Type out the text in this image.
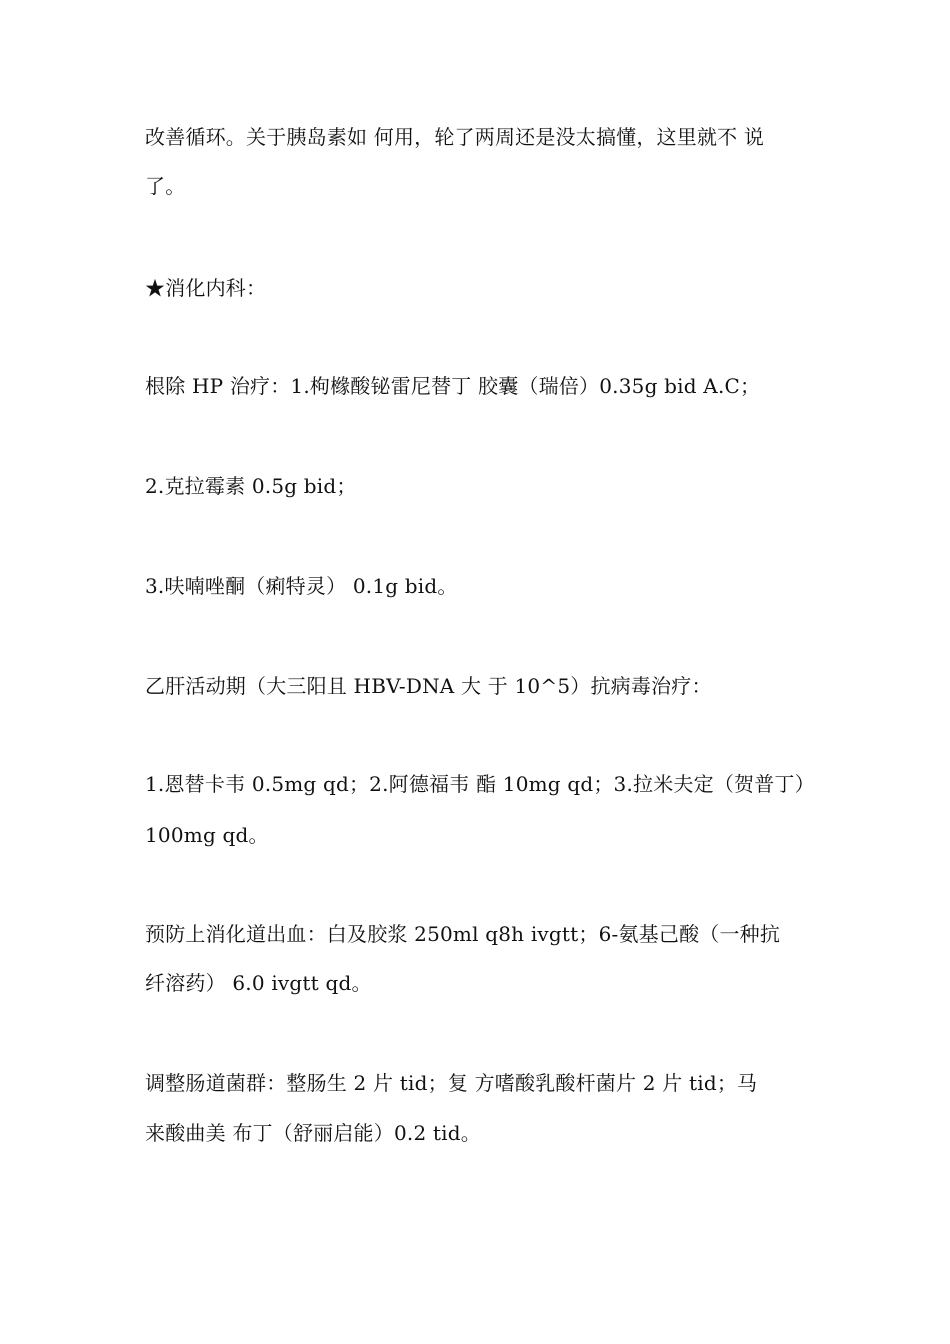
改善循环。关于胰岛素如 何用，轮了两周还是没太搞懂，这里就不 说
了。
★消化内科：
根除 HP 治疗：1.枸橼酸铋雷尼替丁 胶囊（瑞倍）0.35g bid A.C；
2.克拉霉素 0.5g bid；
3.呋喃唑酮（痢特灵） 0.1g bid。
乙肝活动期（大三阳且 HBV-DNA 大 于 10^5）抗病毒治疗：
1.恩替卡韦 0.5mg qd；2.阿德福韦 酯 10mg qd；3.拉米夫定（贺普丁）
100mg qd。
预防上消化道出血：白及胶浆 250ml q8h ivgtt；6-氨基己酸（一种抗
纤溶药） 6.0 ivgtt qd。
调整肠道菌群：整肠生 2 片 tid；复 方嗜酸乳酸杆菌片 2 片 tid；马
来酸曲美 布丁（舒丽启能）0.2 tid。
